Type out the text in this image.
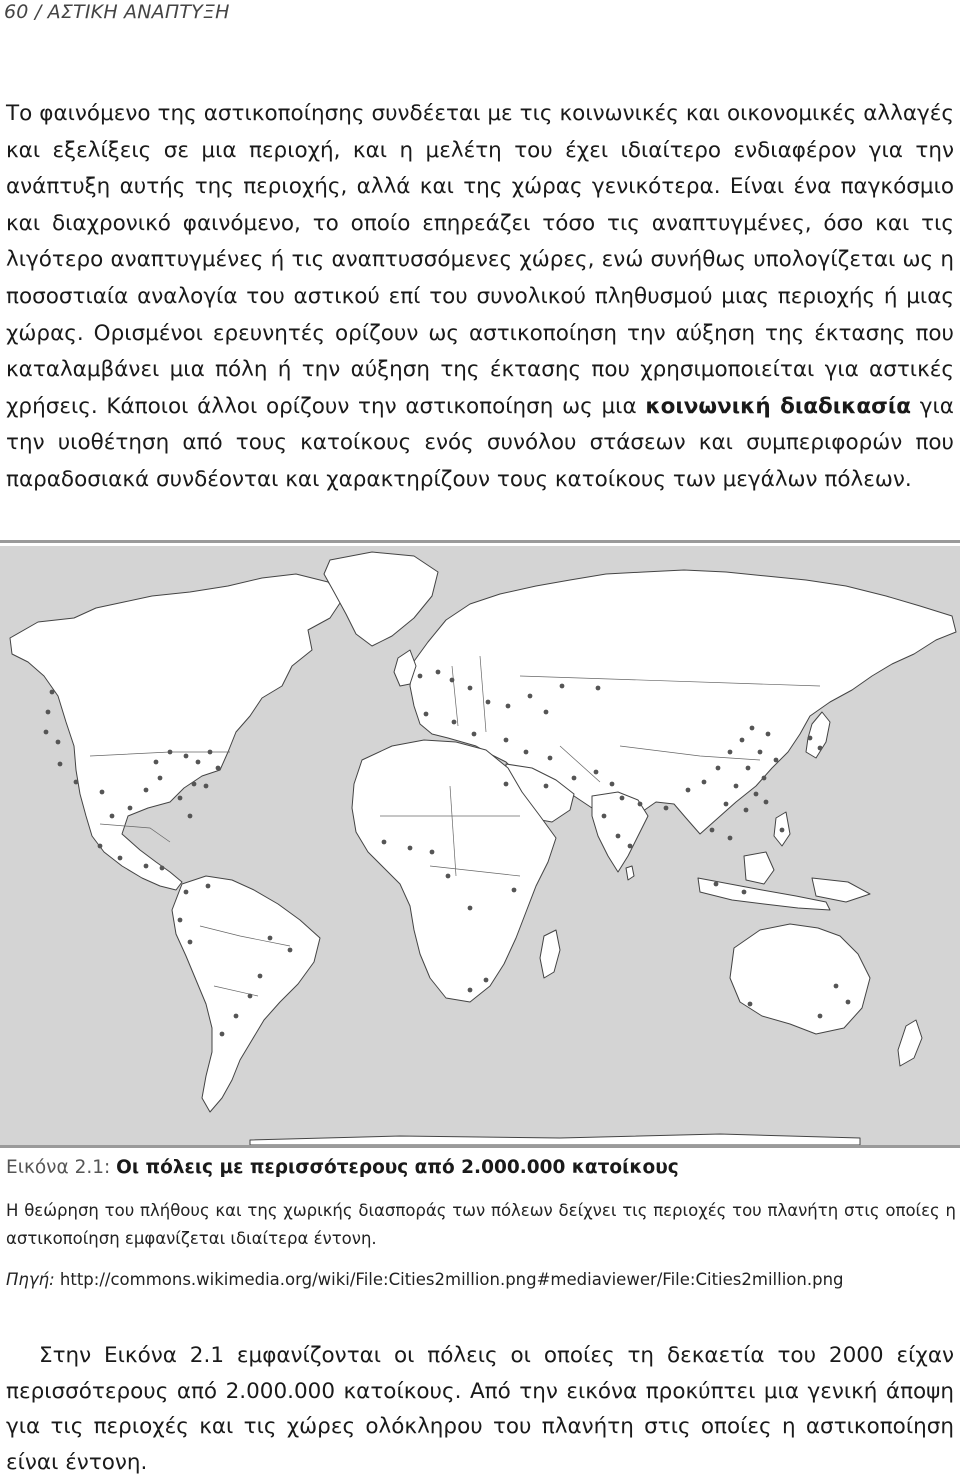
60 / ΑΣΤΙΚΗ ΑΝΑΠΤΥΞΗ

Το φαινόμενο της αστικοποίησης συνδέεται με τις κοινωνικές και οικονομικές αλλαγές και εξελίξεις σε μια περιοχή, και η μελέτη του έχει ιδιαίτερο ενδιαφέρον για την ανάπτυξη αυτής της περιοχής, αλλά και της χώρας γενικότερα. Είναι ένα παγκόσμιο και διαχρονικό φαινόμενο, το οποίο επηρεάζει τόσο τις αναπτυγμένες, όσο και τις λιγότερο αναπτυγμένες ή τις αναπτυσσόμενες χώρες, ενώ συνήθως υπολογίζεται ως η ποσοστιαία αναλογία του αστικού επί του συνολικού πληθυσμού μιας περιοχής ή μιας χώρας. Ορισμένοι ερευνητές ορίζουν ως αστικοποίηση την αύξηση της έκτασης που καταλαμβάνει μια πόλη ή την αύξηση της έκτασης που χρησιμοποιείται για αστικές χρήσεις. Κάποιοι άλλοι ορίζουν την αστικοποίηση ως μια κοινωνική διαδικασία για την υιοθέτηση από τους κατοίκους ενός συνόλου στάσεων και συμπεριφορών που παραδοσιακά συνδέονται και χαρακτηρίζουν τους κατοίκους των μεγάλων πόλεων.

Εικόνα 2.1: Οι πόλεις με περισσότερους από 2.000.000 κατοίκους

Η θεώρηση του πλήθους και της χωρικής διασποράς των πόλεων δείχνει τις περιοχές του πλανήτη στις οποίες η αστικοποίηση εμφανίζεται ιδιαίτερα έντονη.

Πηγή: http://commons.wikimedia.org/wiki/File:Cities2million.png#mediaviewer/File:Cities2million.png

Στην Εικόνα 2.1 εμφανίζονται οι πόλεις οι οποίες τη δεκαετία του 2000 είχαν περισσότερους από 2.000.000 κατοίκους. Από την εικόνα προκύπτει μια γενική άποψη για τις περιοχές και τις χώρες ολόκληρου του πλανήτη στις οποίες η αστικοποίηση είναι έντονη.
